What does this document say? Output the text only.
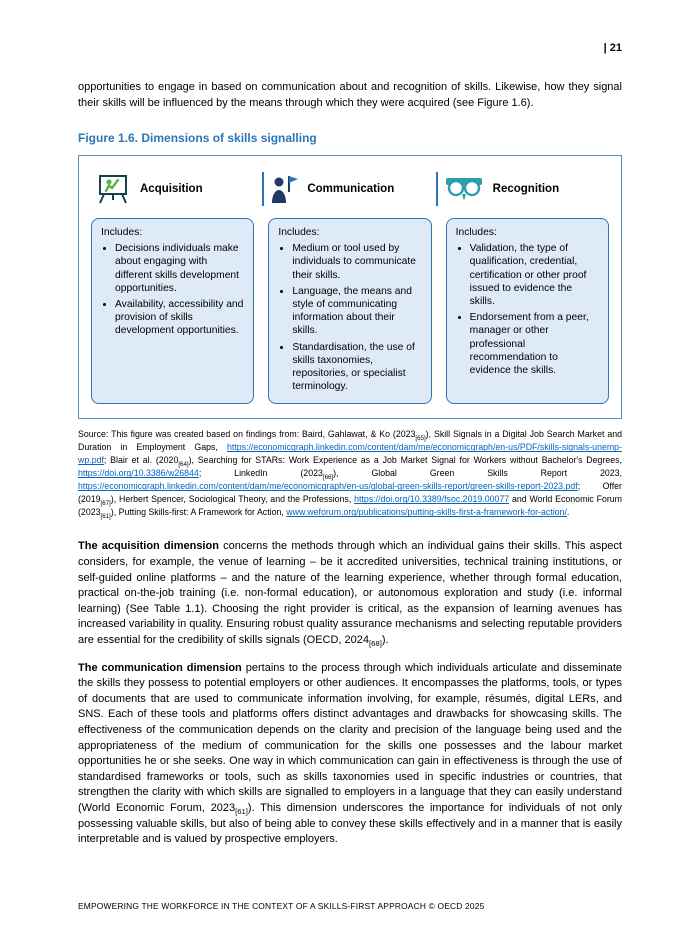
| 21

opportunities to engage in based on communication about and recognition of skills. Likewise, how they signal their skills will be influenced by the means through which they were acquired (see Figure 1.6).

Figure 1.6. Dimensions of skills signalling
Acquisition	Communication	Recognition
Includes:
• Decisions individuals make about engaging with different skills development opportunities.
• Availability, accessibility and provision of skills development opportunities.
Includes:
• Medium or tool used by individuals to communicate their skills.
• Language, the means and style of communicating information about their skills.
• Standardisation, the use of skills taxonomies, repositories, or specialist terminology.
Includes:
• Validation, the type of qualification, credential, certification or other proof issued to evidence the skills.
• Endorsement from a peer, manager or other professional recommendation to evidence the skills.

Source: This figure was created based on findings from: Baird, Gahlawat, & Ko $(2023_{[65]})$, Skill Signals in a Digital Job Search Market and Duration in Employment Gaps, https://economicgraph.linkedin.com/content/dam/me/economicgraph/en-us/PDF/skills-signals-unemp-wp.pdf; Blair et al. $(2020_{[64]})$, Searching for STARs: Work Experience as a Job Market Signal for Workers without Bachelor's Degrees, https://doi.org/10.3386/w26844; LinkedIn $(2023_{[66]})$, Global Green Skills Report 2023, https://economicgraph.linkedin.com/content/dam/me/economicgraph/en-us/global-green-skills-report/green-skills-report-2023.pdf; Offer $(2019_{[67]})$, Herbert Spencer, Sociological Theory, and the Professions, https://doi.org/10.3389/fsoc.2019.00077 and World Economic Forum $(2023_{[61]})$, Putting Skills-first: A Framework for Action, www.weforum.org/publications/putting-skills-first-a-framework-for-action/.

The acquisition dimension concerns the methods through which an individual gains their skills. This aspect considers, for example, the venue of learning – be it accredited universities, technical training institutions, or self-guided online platforms – and the nature of the learning experience, whether through formal education, practical on-the-job training (i.e. non-formal education), or autonomous exploration and study (i.e. informal learning) (See Table 1.1). Choosing the right provider is critical, as the expansion of learning avenues has increased variability in quality. Ensuring robust quality assurance mechanisms and selecting reputable providers are essential for the credibility of skills signals (OECD, $2024_{[68]}$).

The communication dimension pertains to the process through which individuals articulate and disseminate the skills they possess to potential employers or other audiences. It encompasses the platforms, tools, or types of documents that are used to communicate information involving, for example, résumés, digital LERs, and SNS. Each of these tools and platforms offers distinct advantages and drawbacks for showcasing skills. The effectiveness of the communication depends on the clarity and precision of the language being used and the appropriateness of the medium of communication for the skills one possesses and the labour market opportunities he or she seeks. One way in which communication can gain in effectiveness is through the use of standardised frameworks or tools, such as skills taxonomies used in specific industries or countries, that strengthen the clarity with which skills are signalled to employers in a language that they can easily understand (World Economic Forum, $2023_{[61]}$). This dimension underscores the importance for individuals of not only possessing valuable skills, but also of being able to convey these skills effectively and in a manner that is easily interpretable and is valued by prospective employers.

EMPOWERING THE WORKFORCE IN THE CONTEXT OF A SKILLS-FIRST APPROACH © OECD 2025
